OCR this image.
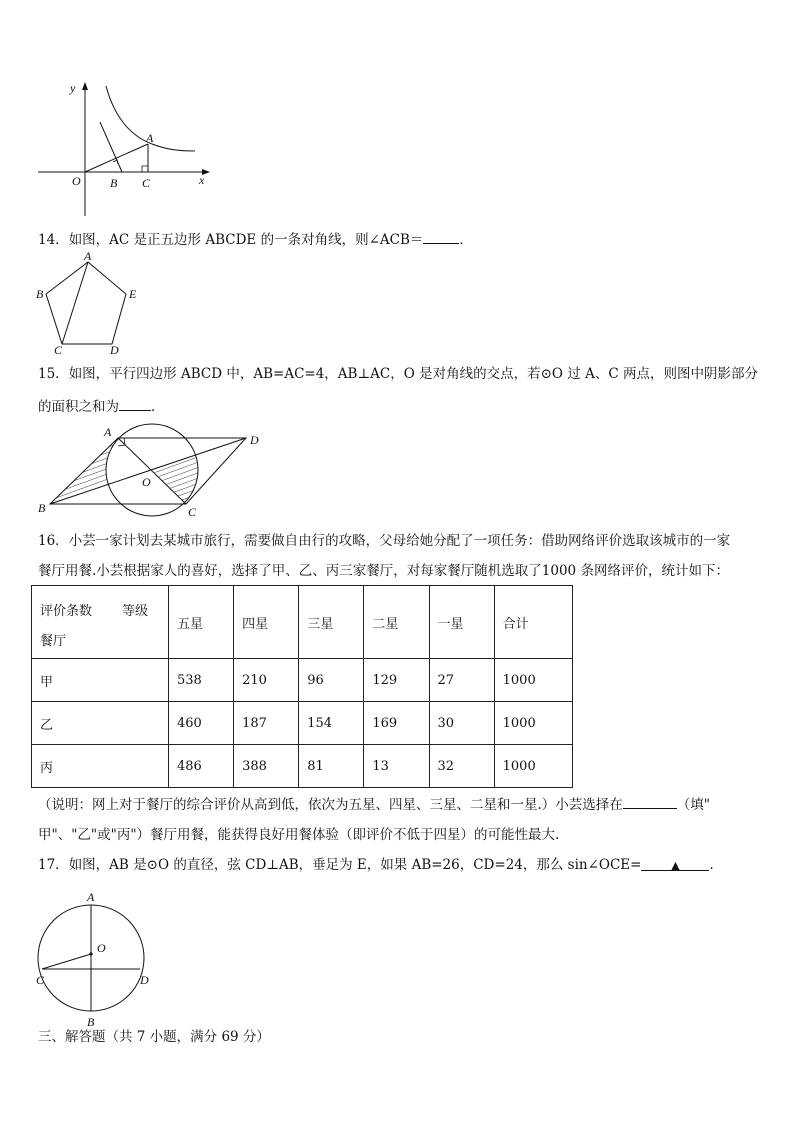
y
x
O B C
A
14．如图，AC 是正五边形 ABCDE 的一条对角线，则∠ACB＝	．
A
B	E
C	D
15．如图，平行四边形 ABCD 中，AB=AC=4，AB⊥AC，O 是对角线的交点，若⊙O 过 A、C 两点，则图中阴影部分
的面积之和为 ．
A
D
B	C
O
16．小芸一家计划去某城市旅行，需要做自由行的攻略，父母给她分配了一项任务：借助网络评价选取该城市的一家
餐厅用餐.小芸根据家人的喜好，选择了甲、乙、丙三家餐厅，对每家餐厅随机选取了1000 条网络评价，统计如下：
评价条数 等级
餐厅	五星	四星	三星	二星	一星	合计
甲	538	210	96	129	27	1000
乙	460	187	154	169	30	1000
丙	486	388	81	13	32	1000
（说明：网上对于餐厅的综合评价从高到低，依次为五星、四星、三星、二星和一星.）小芸选择在	（填"
甲"、"乙"或"丙"）餐厅用餐，能获得良好用餐体验（即评价不低于四星）的可能性最大.
17．如图，AB 是⊙O 的直径，弦 CD⊥AB，垂足为 E，如果 AB=26，CD=24，那么 sin∠OCE=	▲ ．
A
O
C	D
B
三、解答题（共 7 小题，满分 69 分）
